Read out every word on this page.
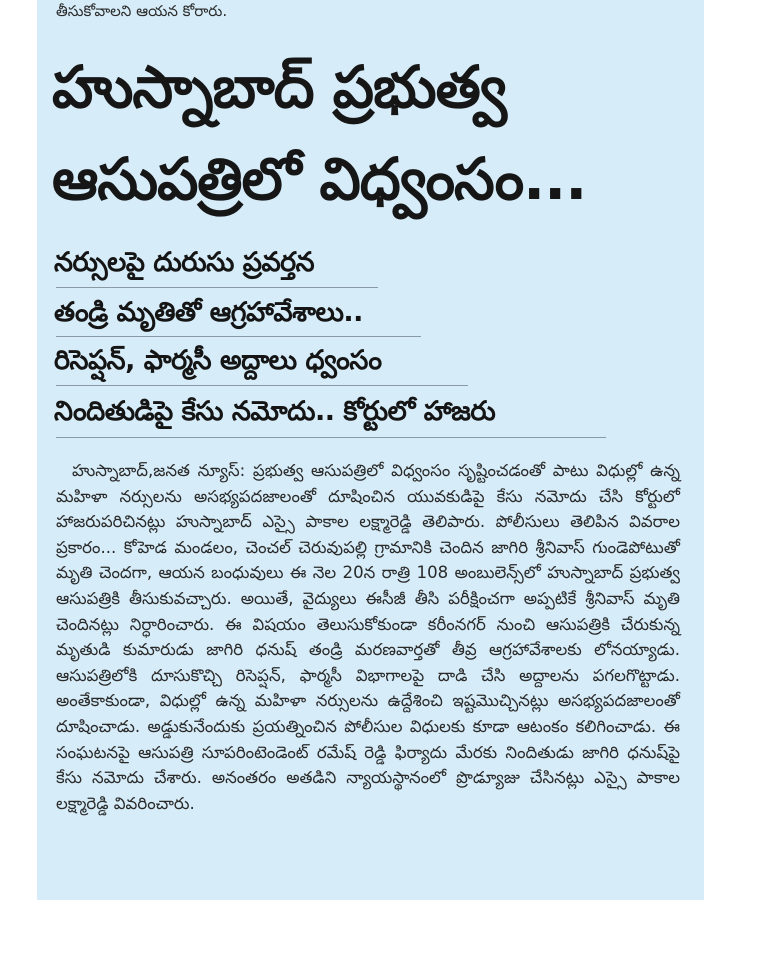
తీసుకోవాలని ఆయన కోరారు.
హుస్నాబాద్ ప్రభుత్వ
ఆసుపత్రిలో విధ్వంసం...
నర్సులపై దురుసు ప్రవర్తన
తండ్రి మృతితో ఆగ్రహావేశాలు..
రిసెప్షన్, ఫార్మసీ అద్దాలు ధ్వంసం
నిందితుడిపై కేసు నమోదు.. కోర్టులో హాజరు

హుస్నాబాద్,జనత న్యూస్: ప్రభుత్వ ఆసుపత్రిలో విధ్వంసం సృష్టించడంతో పాటు విధుల్లో ఉన్న మహిళా నర్సులను అసభ్యపదజాలంతో దూషించిన యువకుడిపై కేసు నమోదు చేసి కోర్టులో హాజరుపరిచినట్లు హుస్నాబాద్ ఎస్సై పాకాల లక్ష్మారెడ్డి తెలిపారు. పోలీసులు తెలిపిన వివరాల ప్రకారం... కోహెడ మండలం, చెంచల్ చెరువుపల్లి గ్రామానికి చెందిన జాగిరి శ్రీనివాస్ గుండెపోటుతో మృతి చెందగా, ఆయన బంధువులు ఈ నెల 20న రాత్రి 108 అంబులెన్స్‌లో హుస్నాబాద్ ప్రభుత్వ ఆసుపత్రికి తీసుకువచ్చారు. అయితే, వైద్యులు ఈసీజీ తీసి పరీక్షించగా అప్పటికే శ్రీనివాస్ మృతి చెందినట్లు నిర్ధారించారు. ఈ విషయం తెలుసుకోకుండా కరీంనగర్ నుంచి ఆసుపత్రికి చేరుకున్న మృతుడి కుమారుడు జాగిరి ధనుష్ తండ్రి మరణవార్తతో తీవ్ర ఆగ్రహావేశాలకు లోనయ్యాడు. ఆసుపత్రిలోకి దూసుకొచ్చి రిసెప్షన్, ఫార్మసీ విభాగాలపై దాడి చేసి అద్దాలను పగలగొట్టాడు. అంతేకాకుండా, విధుల్లో ఉన్న మహిళా నర్సులను ఉద్దేశించి ఇష్టమొచ్చినట్లు అసభ్యపదజాలంతో దూషించాడు. అడ్డుకునేందుకు ప్రయత్నించిన పోలీసుల విధులకు కూడా ఆటంకం కలిగించాడు. ఈ సంఘటనపై ఆసుపత్రి సూపరింటెండెంట్ రమేష్ రెడ్డి ఫిర్యాదు మేరకు నిందితుడు జాగిరి ధనుష్‌పై కేసు నమోదు చేశారు. అనంతరం అతడిని న్యాయస్థానంలో ప్రొడ్యూజు చేసినట్లు ఎస్సై పాకాల లక్ష్మారెడ్డి వివరించారు.
